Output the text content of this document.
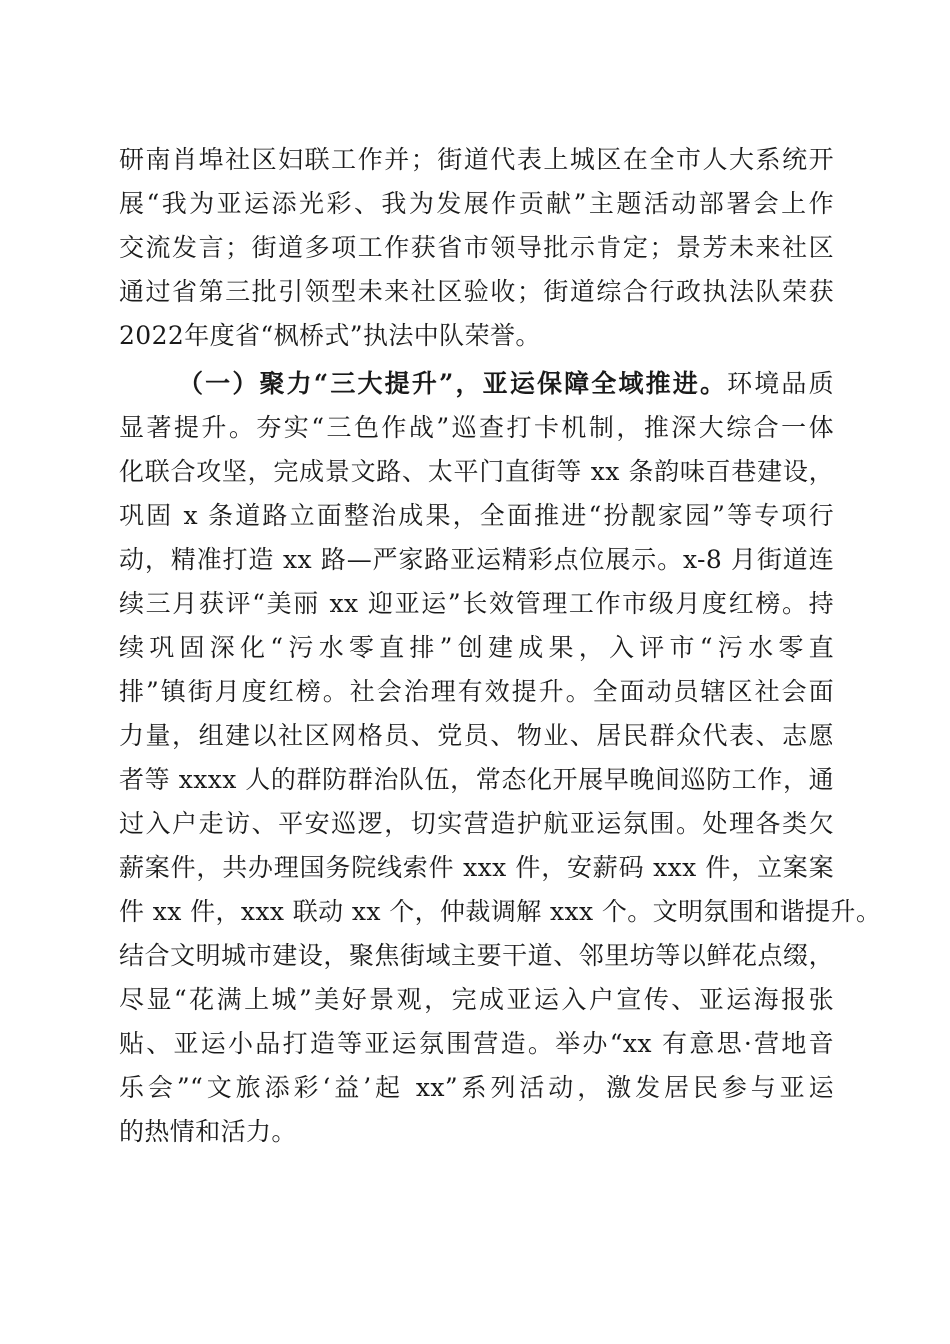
研南肖埠社区妇联工作并；街道代表上城区在全市人大系统开
展“我为亚运添光彩、我为发展作贡献”主题活动部署会上作
交流发言；街道多项工作获省市领导批示肯定；景芳未来社区
通过省第三批引领型未来社区验收；街道综合行政执法队荣获
2022年度省“枫桥式”执法中队荣誉。
（一）聚力“三大提升”，亚运保障全域推进。环境品质
显著提升。夯实“三色作战”巡查打卡机制，推深大综合一体
化联合攻坚，完成景文路、太平门直街等 xx 条韵味百巷建设，
巩固 x 条道路立面整治成果，全面推进“扮靓家园”等专项行
动，精准打造 xx 路—严家路亚运精彩点位展示。x-8 月街道连
续三月获评“美丽 xx 迎亚运”长效管理工作市级月度红榜。持
续巩固深化“污水零直排”创建成果，入评市“污水零直
排”镇街月度红榜。社会治理有效提升。全面动员辖区社会面
力量，组建以社区网格员、党员、物业、居民群众代表、志愿
者等 xxxx 人的群防群治队伍，常态化开展早晚间巡防工作，通
过入户走访、平安巡逻，切实营造护航亚运氛围。处理各类欠
薪案件，共办理国务院线索件 xxx 件，安薪码 xxx 件，立案案
件 xx 件，xxx 联动 xx 个，仲裁调解 xxx 个。文明氛围和谐提升。
结合文明城市建设，聚焦街域主要干道、邻里坊等以鲜花点缀，
尽显“花满上城”美好景观，完成亚运入户宣传、亚运海报张
贴、亚运小品打造等亚运氛围营造。举办“xx 有意思·营地音
乐会”“文旅添彩‘益’起 xx”系列活动，激发居民参与亚运
的热情和活力。
